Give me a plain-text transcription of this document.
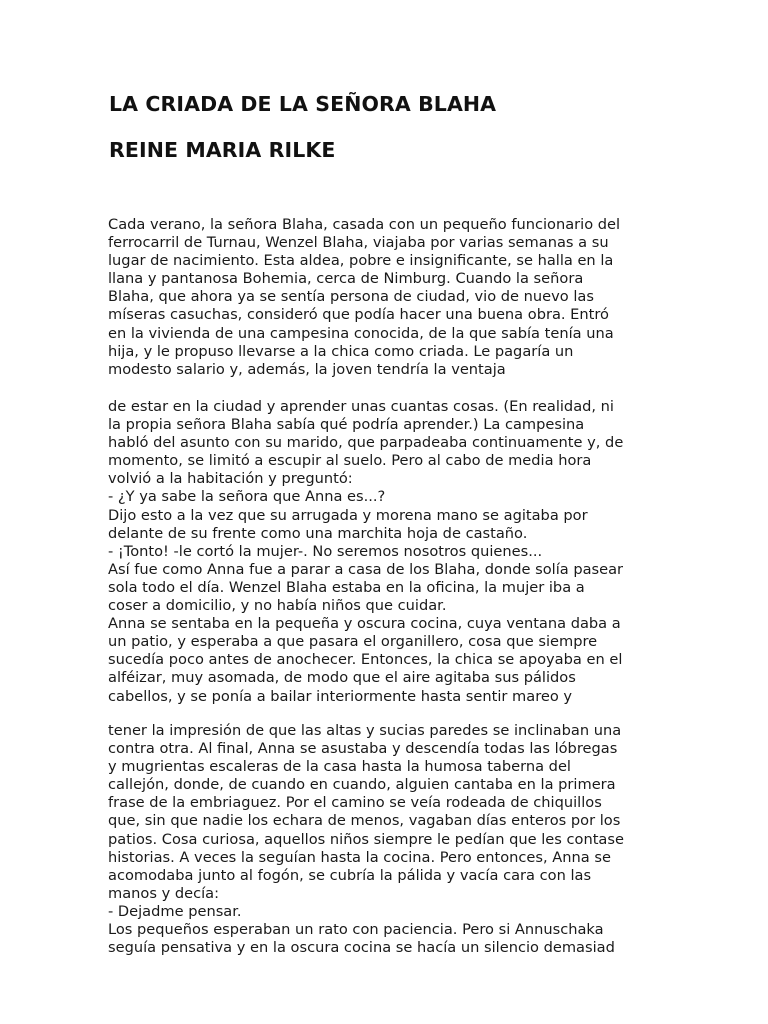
LA CRIADA DE LA SEÑORA BLAHA
REINE MARIA RILKE
Cada verano, la señora Blaha, casada con un pequeño funcionario del
ferrocarril de Turnau, Wenzel Blaha, viajaba por varias semanas a su
lugar de nacimiento. Esta aldea, pobre e insignificante, se halla en la
llana y pantanosa Bohemia, cerca de Nimburg. Cuando la señora
Blaha, que ahora ya se sentía persona de ciudad, vio de nuevo las
míseras casuchas, consideró que podía hacer una buena obra. Entró
en la vivienda de una campesina conocida, de la que sabía tenía una
hija, y le propuso llevarse a la chica como criada. Le pagaría un
modesto salario y, además, la joven tendría la ventaja
de estar en la ciudad y aprender unas cuantas cosas. (En realidad, ni
la propia señora Blaha sabía qué podría aprender.) La campesina
habló del asunto con su marido, que parpadeaba continuamente y, de
momento, se limitó a escupir al suelo. Pero al cabo de media hora
volvió a la habitación y preguntó:
- ¿Y ya sabe la señora que Anna es...?
Dijo esto a la vez que su arrugada y morena mano se agitaba por
delante de su frente como una marchita hoja de castaño.
- ¡Tonto! -le cortó la mujer-. No seremos nosotros quienes...
Así fue como Anna fue a parar a casa de los Blaha, donde solía pasear
sola todo el día. Wenzel Blaha estaba en la oficina, la mujer iba a
coser a domicilio, y no había niños que cuidar.
Anna se sentaba en la pequeña y oscura cocina, cuya ventana daba a
un patio, y esperaba a que pasara el organillero, cosa que siempre
sucedía poco antes de anochecer. Entonces, la chica se apoyaba en el
alféizar, muy asomada, de modo que el aire agitaba sus pálidos
cabellos, y se ponía a bailar interiormente hasta sentir mareo y
tener la impresión de que las altas y sucias paredes se inclinaban una
contra otra. Al final, Anna se asustaba y descendía todas las lóbregas
y mugrientas escaleras de la casa hasta la humosa taberna del
callejón, donde, de cuando en cuando, alguien cantaba en la primera
frase de la embriaguez. Por el camino se veía rodeada de chiquillos
que, sin que nadie los echara de menos, vagaban días enteros por los
patios. Cosa curiosa, aquellos niños siempre le pedían que les contase
historias. A veces la seguían hasta la cocina. Pero entonces, Anna se
acomodaba junto al fogón, se cubría la pálida y vacía cara con las
manos y decía:
- Dejadme pensar.
Los pequeños esperaban un rato con paciencia. Pero si Annuschaka
seguía pensativa y en la oscura cocina se hacía un silencio demasiad
